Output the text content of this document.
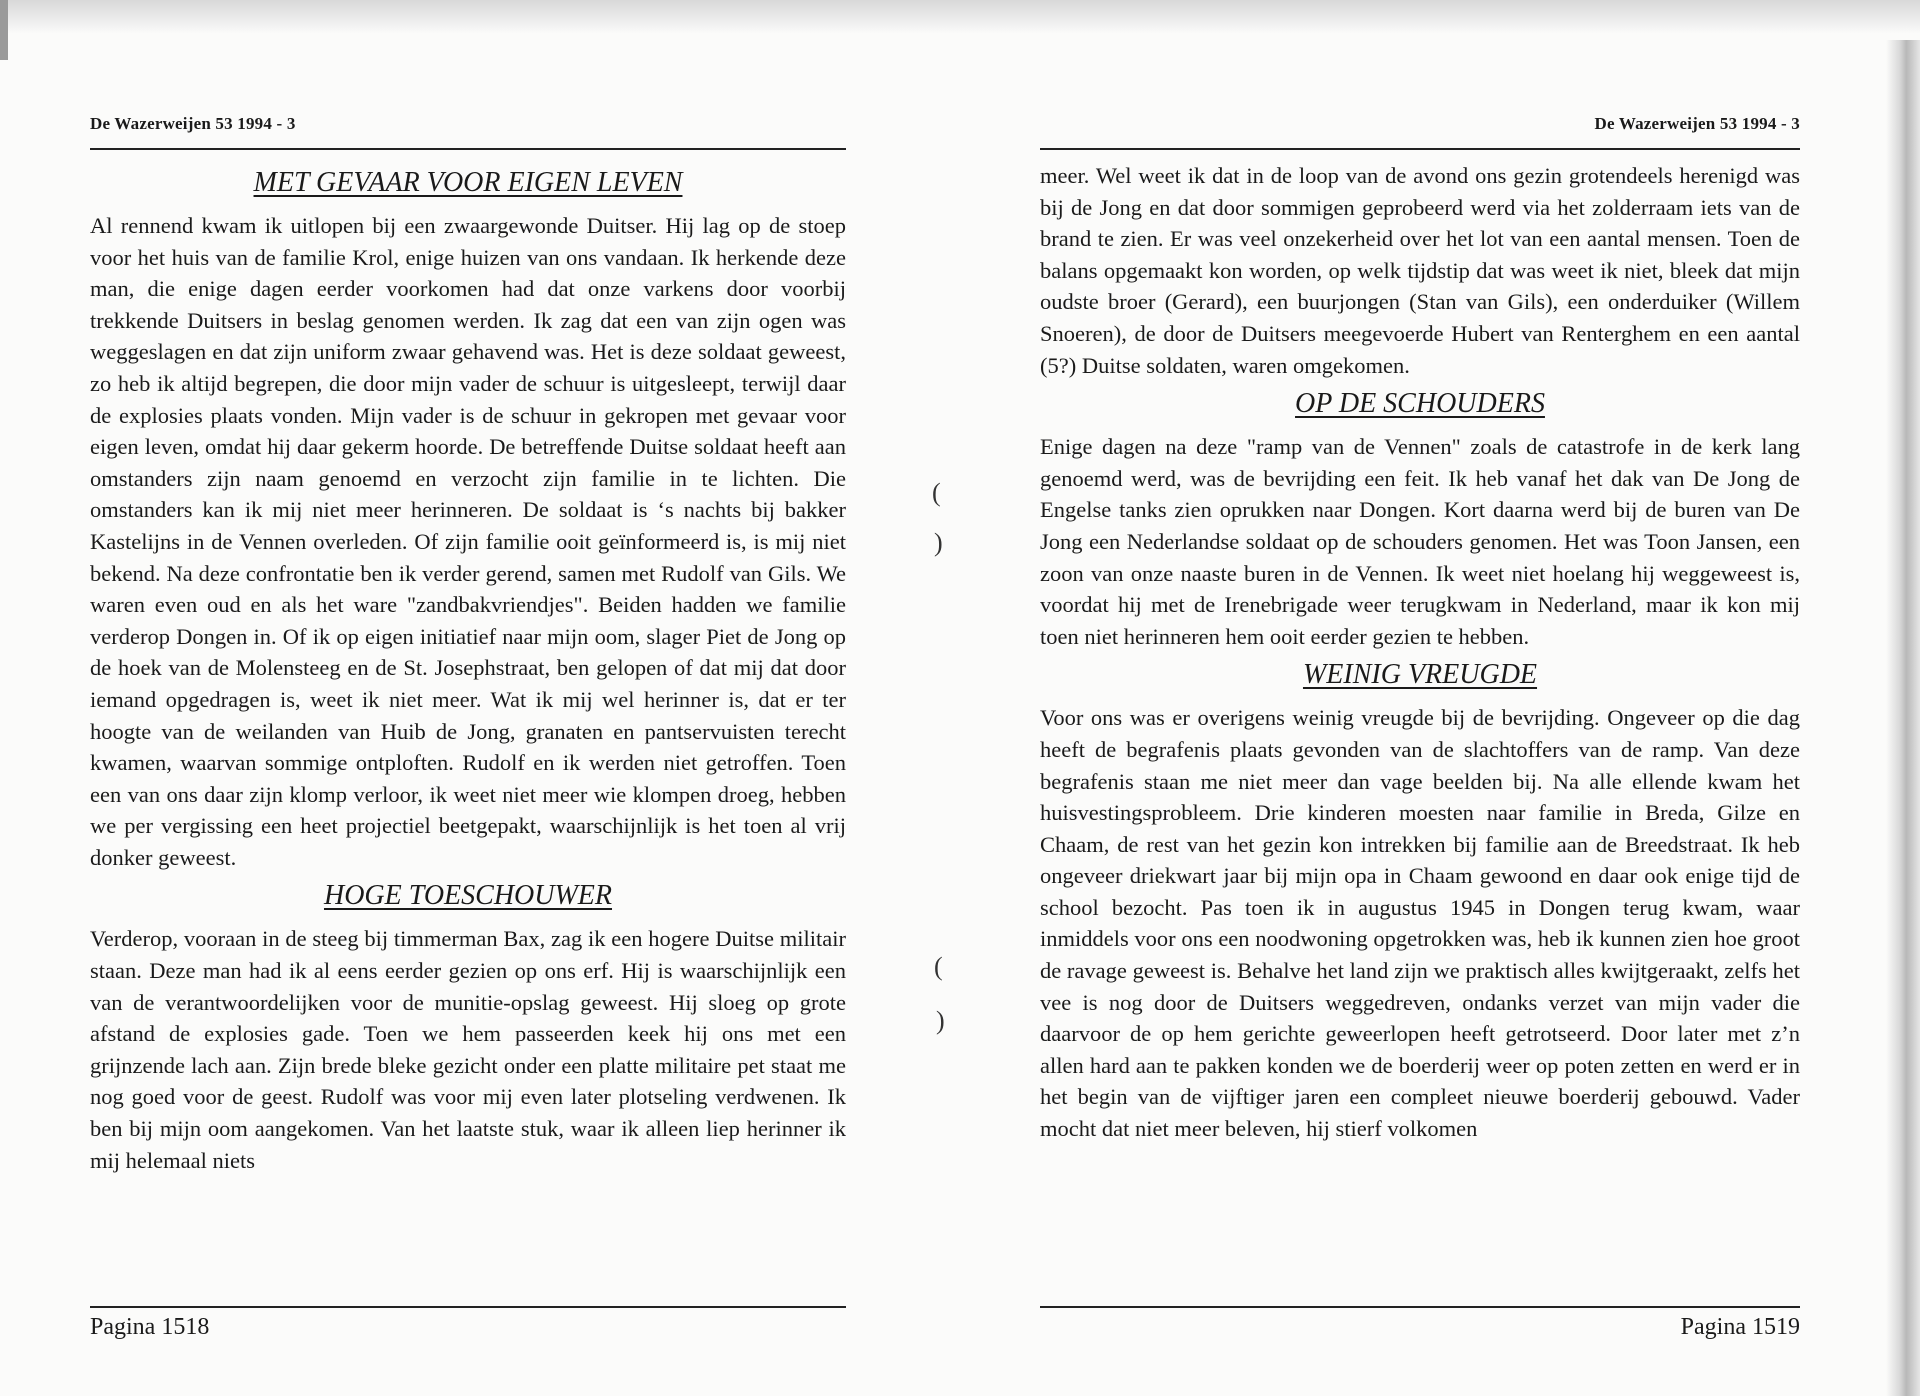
(
)
(
)
De Wazerweijen 53 1994 - 3
MET GEVAAR VOOR EIGEN LEVEN

Al rennend kwam ik uitlopen bij een zwaargewonde Duitser. Hij lag op de stoep voor het huis van de familie Krol, enige huizen van ons vandaan. Ik herkende deze man, die enige dagen eerder voorkomen had dat onze varkens door voorbij trekkende Duitsers in beslag genomen werden. Ik zag dat een van zijn ogen was weggeslagen en dat zijn uniform zwaar gehavend was. Het is deze soldaat geweest, zo heb ik altijd begrepen, die door mijn vader de schuur is uitgesleept, terwijl daar de explosies plaats vonden. Mijn vader is de schuur in gekropen met gevaar voor eigen leven, omdat hij daar gekerm hoorde. De betreffende Duitse soldaat heeft aan omstanders zijn naam genoemd en verzocht zijn familie in te lichten. Die omstanders kan ik mij niet meer herinneren. De soldaat is ‘s nachts bij bakker Kastelijns in de Vennen overleden. Of zijn familie ooit geïnformeerd is, is mij niet bekend. Na deze confrontatie ben ik verder gerend, samen met Rudolf van Gils. We waren even oud en als het ware "zandbakvriendjes". Beiden hadden we familie verderop Dongen in. Of ik op eigen initiatief naar mijn oom, slager Piet de Jong op de hoek van de Molensteeg en de St. Josephstraat, ben gelopen of dat mij dat door iemand opgedragen is, weet ik niet meer. Wat ik mij wel herinner is, dat er ter hoogte van de weilanden van Huib de Jong, granaten en pantservuisten terecht kwamen, waarvan sommige ontploften. Rudolf en ik werden niet getroffen. Toen een van ons daar zijn klomp verloor, ik weet niet meer wie klompen droeg, hebben we per vergissing een heet projectiel beetgepakt, waarschijnlijk is het toen al vrij donker geweest.

HOGE TOESCHOUWER

Verderop, vooraan in de steeg bij timmerman Bax, zag ik een hogere Duitse militair staan. Deze man had ik al eens eerder gezien op ons erf. Hij is waarschijnlijk een van de verantwoordelijken voor de munitie-opslag geweest. Hij sloeg op grote afstand de explosies gade. Toen we hem passeerden keek hij ons met een grijnzende lach aan. Zijn brede bleke gezicht onder een platte militaire pet staat me nog goed voor de geest. Rudolf was voor mij even later plotseling verdwenen. Ik ben bij mijn oom aangekomen. Van het laatste stuk, waar ik alleen liep herinner ik mij helemaal niets

Pagina 1518
De Wazerweijen 53 1994 - 3

meer. Wel weet ik dat in de loop van de avond ons gezin grotendeels herenigd was bij de Jong en dat door sommigen geprobeerd werd via het zolderraam iets van de brand te zien. Er was veel onzekerheid over het lot van een aantal mensen. Toen de balans opgemaakt kon worden, op welk tijdstip dat was weet ik niet, bleek dat mijn oudste broer (Gerard), een buurjongen (Stan van Gils), een onderduiker (Willem Snoeren), de door de Duitsers meegevoerde Hubert van Renterghem en een aantal (5?) Duitse soldaten, waren omgekomen.

OP DE SCHOUDERS

Enige dagen na deze "ramp van de Vennen" zoals de catastrofe in de kerk lang genoemd werd, was de bevrijding een feit. Ik heb vanaf het dak van De Jong de Engelse tanks zien oprukken naar Dongen. Kort daarna werd bij de buren van De Jong een Nederlandse soldaat op de schouders genomen. Het was Toon Jansen, een zoon van onze naaste buren in de Vennen. Ik weet niet hoelang hij weggeweest is, voordat hij met de Irenebrigade weer terugkwam in Nederland, maar ik kon mij toen niet herinneren hem ooit eerder gezien te hebben.

WEINIG VREUGDE

Voor ons was er overigens weinig vreugde bij de bevrijding. Ongeveer op die dag heeft de begrafenis plaats gevonden van de slachtoffers van de ramp. Van deze begrafenis staan me niet meer dan vage beelden bij. Na alle ellende kwam het huisvestingsprobleem. Drie kinderen moesten naar familie in Breda, Gilze en Chaam, de rest van het gezin kon intrekken bij familie aan de Breedstraat. Ik heb ongeveer driekwart jaar bij mijn opa in Chaam gewoond en daar ook enige tijd de school bezocht. Pas toen ik in augustus 1945 in Dongen terug kwam, waar inmiddels voor ons een noodwoning opgetrokken was, heb ik kunnen zien hoe groot de ravage geweest is. Behalve het land zijn we praktisch alles kwijtgeraakt, zelfs het vee is nog door de Duitsers weggedreven, ondanks verzet van mijn vader die daarvoor de op hem gerichte geweerlopen heeft getrotseerd. Door later met z’n allen hard aan te pakken konden we de boerderij weer op poten zetten en werd er in het begin van de vijftiger jaren een compleet nieuwe boerderij gebouwd. Vader mocht dat niet meer beleven, hij stierf volkomen

Pagina 1519
